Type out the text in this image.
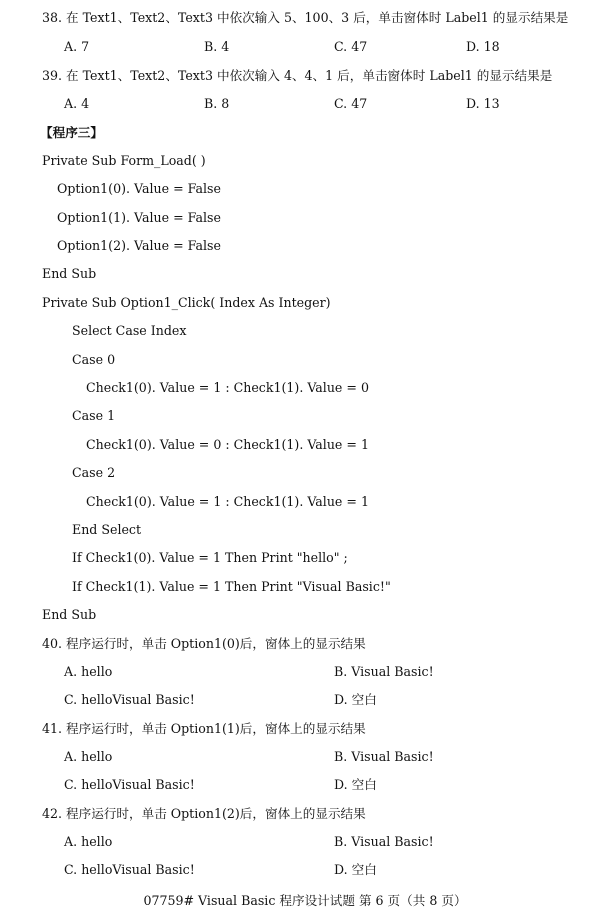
38. 在 Text1、Text2、Text3 中依次输入 5、100、3 后，单击窗体时 Label1 的显示结果是
A. 7	B. 4	C. 47	D. 18
39. 在 Text1、Text2、Text3 中依次输入 4、4、1 后，单击窗体时 Label1 的显示结果是
A. 4	B. 8	C. 47	D. 13
【程序三】
Private Sub Form_Load( )
Option1(0). Value = False
Option1(1). Value = False
Option1(2). Value = False
End Sub
Private Sub Option1_Click( Index As Integer)
Select Case Index
Case 0
Check1(0). Value = 1 : Check1(1). Value = 0
Case 1
Check1(0). Value = 0 : Check1(1). Value = 1
Case 2
Check1(0). Value = 1 : Check1(1). Value = 1
End Select
If Check1(0). Value = 1 Then Print "hello" ;
If Check1(1). Value = 1 Then Print "Visual Basic!"
End Sub
40. 程序运行时，单击 Option1(0)后，窗体上的显示结果
A. hello	B. Visual Basic!
C. helloVisual Basic!	D. 空白
41. 程序运行时，单击 Option1(1)后，窗体上的显示结果
A. hello	B. Visual Basic!
C. helloVisual Basic!	D. 空白
42. 程序运行时，单击 Option1(2)后，窗体上的显示结果
A. hello	B. Visual Basic!
C. helloVisual Basic!	D. 空白
07759# Visual Basic 程序设计试题 第 6 页（共 8 页）
